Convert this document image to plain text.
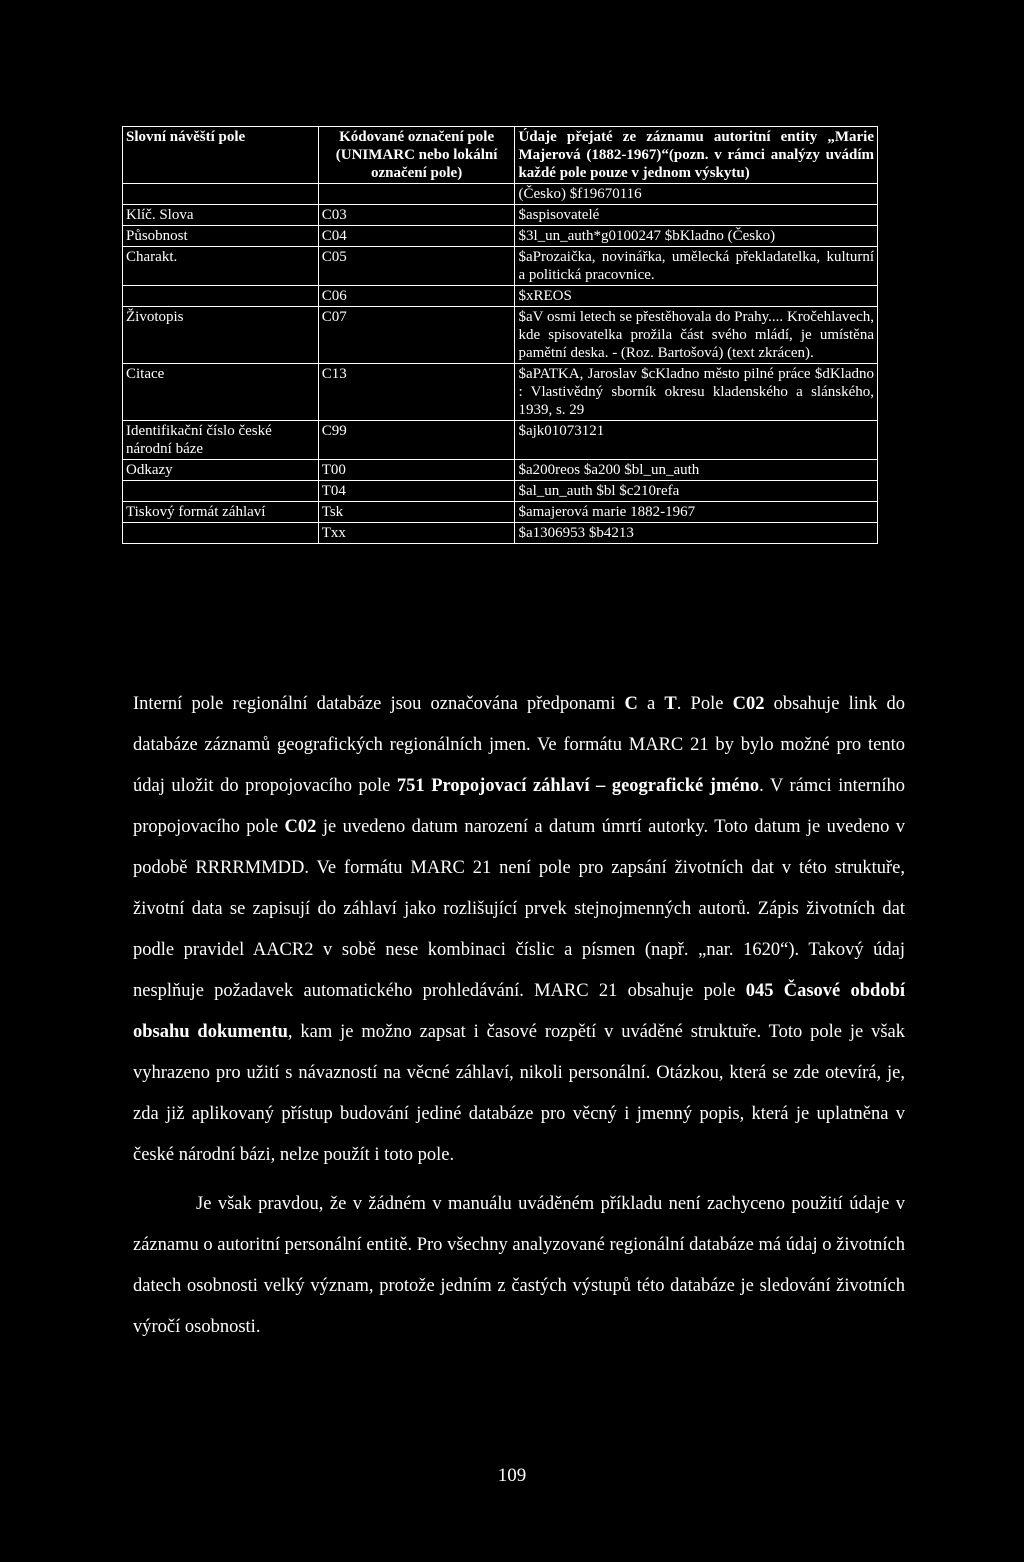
Slovní návěští pole	Kódované označení pole (UNIMARC nebo lokální označení pole)	Údaje přejaté ze záznamu autoritní entity „Marie Majerová (1882-1967)“(pozn. v rámci analýzy uvádím každé pole pouze v jednom výskytu)
		(Česko) $f19670116
Klíč. Slova	C03	$aspisovatelé
Působnost	C04	$3l_un_auth*g0100247 $bKladno (Česko)
Charakt.	C05	$aProzaička, novinářka, umělecká překladatelka, kulturní a politická pracovnice.
	C06	$xREOS
Životopis	C07	$aV osmi letech se přestěhovala do Prahy.... Kročehlavech, kde spisovatelka prožila část svého mládí, je umístěna pamětní deska. - (Roz. Bartošová) (text zkrácen).
Citace	C13	$aPATKA, Jaroslav $cKladno město pilné práce $dKladno : Vlastivědný sborník okresu kladenského a slánského, 1939, s. 29
Identifikační číslo české národní báze	C99	$ajk01073121
Odkazy	T00	$a200reos $a200 $bl_un_auth
	T04	$al_un_auth $bl $c210refa
Tiskový formát záhlaví	Tsk	$amajerová marie 1882-1967
	Txx	$a1306953 $b4213

Interní pole regionální databáze jsou označována předponami C a T. Pole C02 obsahuje link do databáze záznamů geografických regionálních jmen. Ve formátu MARC 21 by bylo možné pro tento údaj uložit do propojovacího pole 751 Propojovací záhlaví – geografické jméno. V rámci interního propojovacího pole C02 je uvedeno datum narození a datum úmrtí autorky. Toto datum je uvedeno v podobě RRRRMMDD. Ve formátu MARC 21 není pole pro zapsání životních dat v této struktuře, životní data se zapisují do záhlaví jako rozlišující prvek stejnojmenných autorů. Zápis životních dat podle pravidel AACR2 v sobě nese kombinaci číslic a písmen (např. „nar. 1620“). Takový údaj nesplňuje požadavek automatického prohledávání. MARC 21 obsahuje pole 045 Časové období obsahu dokumentu, kam je možno zapsat i časové rozpětí v uváděné struktuře. Toto pole je však vyhrazeno pro užití s návazností na věcné záhlaví, nikoli personální. Otázkou, která se zde otevírá, je, zda již aplikovaný přístup budování jediné databáze pro věcný i jmenný popis, která je uplatněna v české národní bázi, nelze použít i toto pole.

Je však pravdou, že v žádném v manuálu uváděném příkladu není zachyceno použití údaje v záznamu o autoritní personální entitě. Pro všechny analyzované regionální databáze má údaj o životních datech osobnosti velký význam, protože jedním z častých výstupů této databáze je sledování životních výročí osobnosti.

109
